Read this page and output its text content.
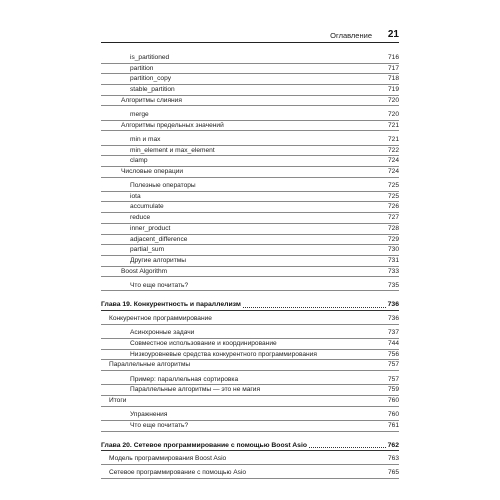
Оглавление 21
is_partitioned	716
partition	717
partition_copy	718
stable_partition	719
Алгоритмы слияния	720
merge	720
Алгоритмы предельных значений	721
min и max	721
min_element и max_element	722
clamp	724
Числовые операции	724
Полезные операторы	725
iota	725
accumulate	726
reduce	727
inner_product	728
adjacent_difference	729
partial_sum	730
Другие алгоритмы	731
Boost Algorithm	733
Что еще почитать?	735
Глава 19. Конкурентность и параллелизм	736
Конкурентное программирование	736
Асинхронные задачи	737
Совместное использование и координирование	744
Низкоуровневые средства конкурентного программирования	756
Параллельные алгоритмы	757
Пример: параллельная сортировка	757
Параллельные алгоритмы — это не магия	759
Итоги	760
Упражнения	760
Что еще почитать?	761
Глава 20. Сетевое программирование с помощью Boost Asio	762
Модель программирования Boost Asio	763
Сетевое программирование с помощью Asio	765
